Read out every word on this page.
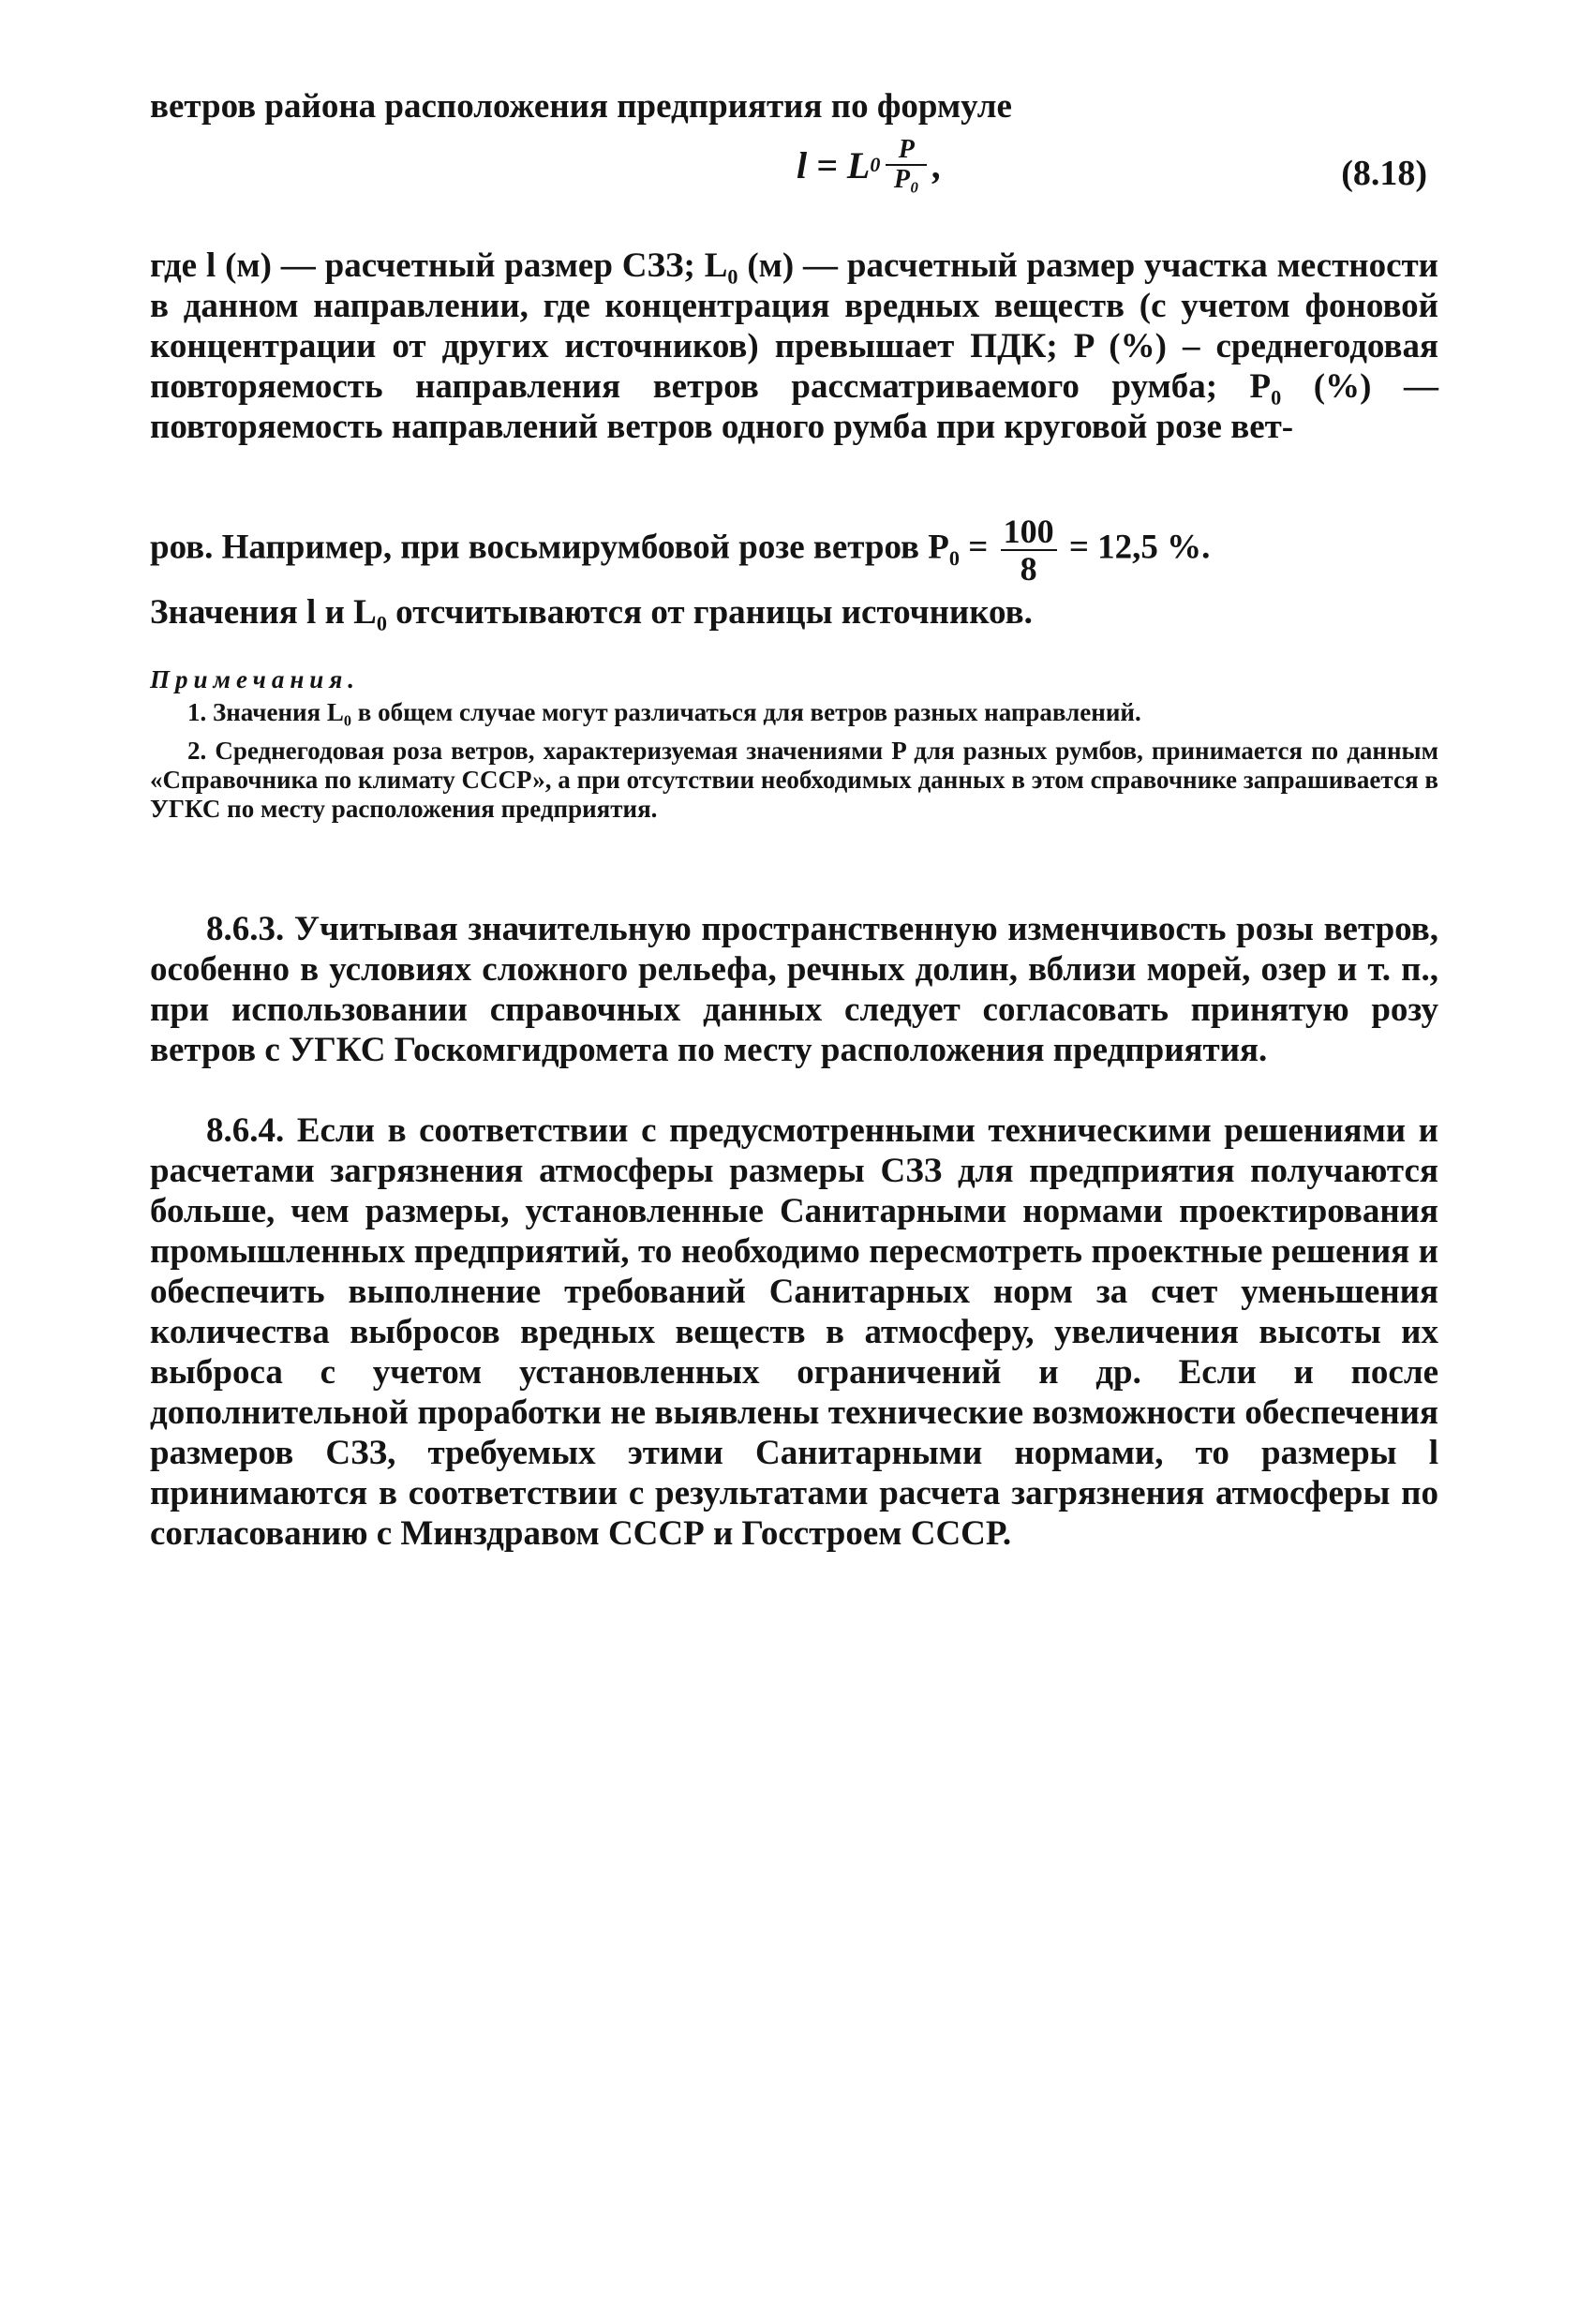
ветров района расположения предприятия по формуле

l = L $0 \frac{P}{\text{P₀}}$ ,	(8.18)

где l (м) — расчетный размер СЗЗ; L₀ (м) — расчетный размер участка местности в данном направлении, где концентрация вредных веществ (с учетом фоновой концентрации от других источников) превышает ПДК; P (%) – среднегодовая повторяемость направления ветров рассматриваемого румба; P₀ (%) — повторяемость направлений ветров одного румба при круговой розе вет-

ров. Например, при восьмирумбовой розе ветров $P_0 = \frac{100}{8} = 12,5$ %.

Значения l и L₀ отсчитываются от границы источников.

Примечания.

1. Значения L₀ в общем случае могут различаться для ветров разных направлений.

2. Среднегодовая роза ветров, характеризуемая значениями P для разных румбов, принимается по данным «Справочника по климату СССР», а при отсутствии необходимых данных в этом справочнике запрашивается в УГКС по месту расположения предприятия.

8.6.3. Учитывая значительную пространственную изменчивость розы ветров, особенно в условиях сложного рельефа, речных долин, вблизи морей, озер и т. п., при использовании справочных данных следует согласовать принятую розу ветров с УГКС Госкомгидромета по месту расположения предприятия.

8.6.4. Если в соответствии с предусмотренными техническими решениями и расчетами загрязнения атмосферы размеры СЗЗ для предприятия получаются больше, чем размеры, установленные Санитарными нормами проектирования промышленных предприятий, то необходимо пересмотреть проектные решения и обеспечить выполнение требований Санитарных норм за счет уменьшения количества выбросов вредных веществ в атмосферу, увеличения высоты их выброса с учетом установленных ограничений и др. Если и после дополнительной проработки не выявлены технические возможности обеспечения размеров СЗЗ, требуемых этими Санитарными нормами, то размеры l принимаются в соответствии с результатами расчета загрязнения атмосферы по согласованию с Минздравом СССР и Госстроем СССР.
